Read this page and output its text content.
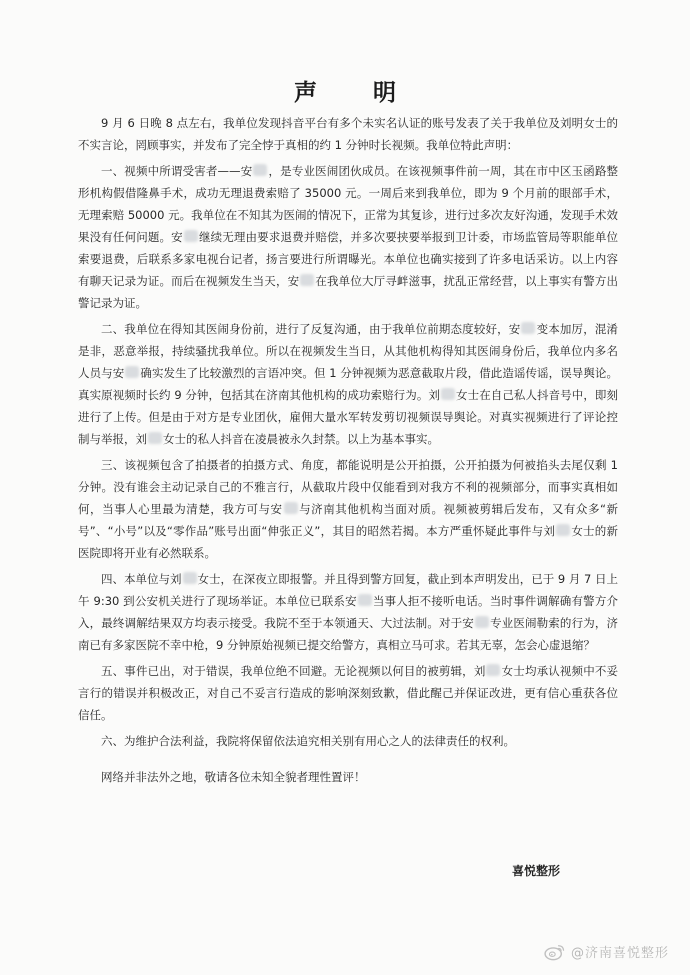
声 明

9 月 6 日晚 8 点左右，我单位发现抖音平台有多个未实名认证的账号发表了关于我单位及刘明女士的不实言论，罔顾事实，并发布了完全悖于真相的约 1 分钟时长视频。我单位特此声明：

一、视频中所谓受害者——安 ，是专业医闹团伙成员。在该视频事件前一周，其在市中区玉函路整形机构假借隆鼻手术，成功无理退费索赔了 35000 元。一周后来到我单位，即为 9 个月前的眼部手术，无理索赔 50000 元。我单位在不知其为医闹的情况下，正常为其复诊，进行过多次友好沟通，发现手术效果没有任何问题。安 继续无理由要求退费并赔偿，并多次要挟要举报到卫计委，市场监管局等职能单位索要退费，后联系多家电视台记者，扬言要进行所谓曝光。本单位也确实接到了许多电话采访。以上内容有聊天记录为证。而后在视频发生当天，安 在我单位大厅寻衅滋事，扰乱正常经营，以上事实有警方出警记录为证。

二、我单位在得知其医闹身份前，进行了反复沟通，由于我单位前期态度较好，安 变本加厉，混淆是非，恶意举报，持续骚扰我单位。所以在视频发生当日，从其他机构得知其医闹身份后，我单位内多名人员与安 确实发生了比较激烈的言语冲突。但 1 分钟视频为恶意截取片段，借此造谣传谣，误导舆论。真实原视频时长约 9 分钟，包括其在济南其他机构的成功索赔行为。刘 女士在自己私人抖音号中，即刻进行了上传。但是由于对方是专业团伙，雇佣大量水军转发剪切视频误导舆论。对真实视频进行了评论控制与举报，刘 女士的私人抖音在凌晨被永久封禁。以上为基本事实。

三、该视频包含了拍摄者的拍摄方式、角度，都能说明是公开拍摄，公开拍摄为何被掐头去尾仅剩 1 分钟。没有谁会主动记录自己的不雅言行，从截取片段中仅能看到对我方不利的视频部分，而事实真相如何，当事人心里最为清楚，我方可与安 与济南其他机构当面对质。视频被剪辑后发布，又有众多“新号”、“小号”以及“零作品”账号出面“伸张正义”，其目的昭然若揭。本方严重怀疑此事件与刘 女士的新医院即将开业有必然联系。

四、本单位与刘 女士，在深夜立即报警。并且得到警方回复，截止到本声明发出，已于 9 月 7 日上午 9:30 到公安机关进行了现场举证。本单位已联系安 当事人拒不接听电话。当时事件调解确有警方介入，最终调解结果双方均表示接受。我院不至于本领通天、大过法制。对于安 专业医闹勒索的行为，济南已有多家医院不幸中枪，9 分钟原始视频已提交给警方，真相立马可求。若其无辜，怎会心虚退缩？

五、事件已出，对于错误，我单位绝不回避。无论视频以何目的被剪辑，刘 女士均承认视频中不妥言行的错误并积极改正，对自己不妥言行造成的影响深刻致歉，借此醒己并保证改进，更有信心重获各位信任。

六、为维护合法利益，我院将保留依法追究相关别有用心之人的法律责任的权利。

网络并非法外之地，敬请各位未知全貌者理性置评！

喜悦整形
@济南喜悦整形
